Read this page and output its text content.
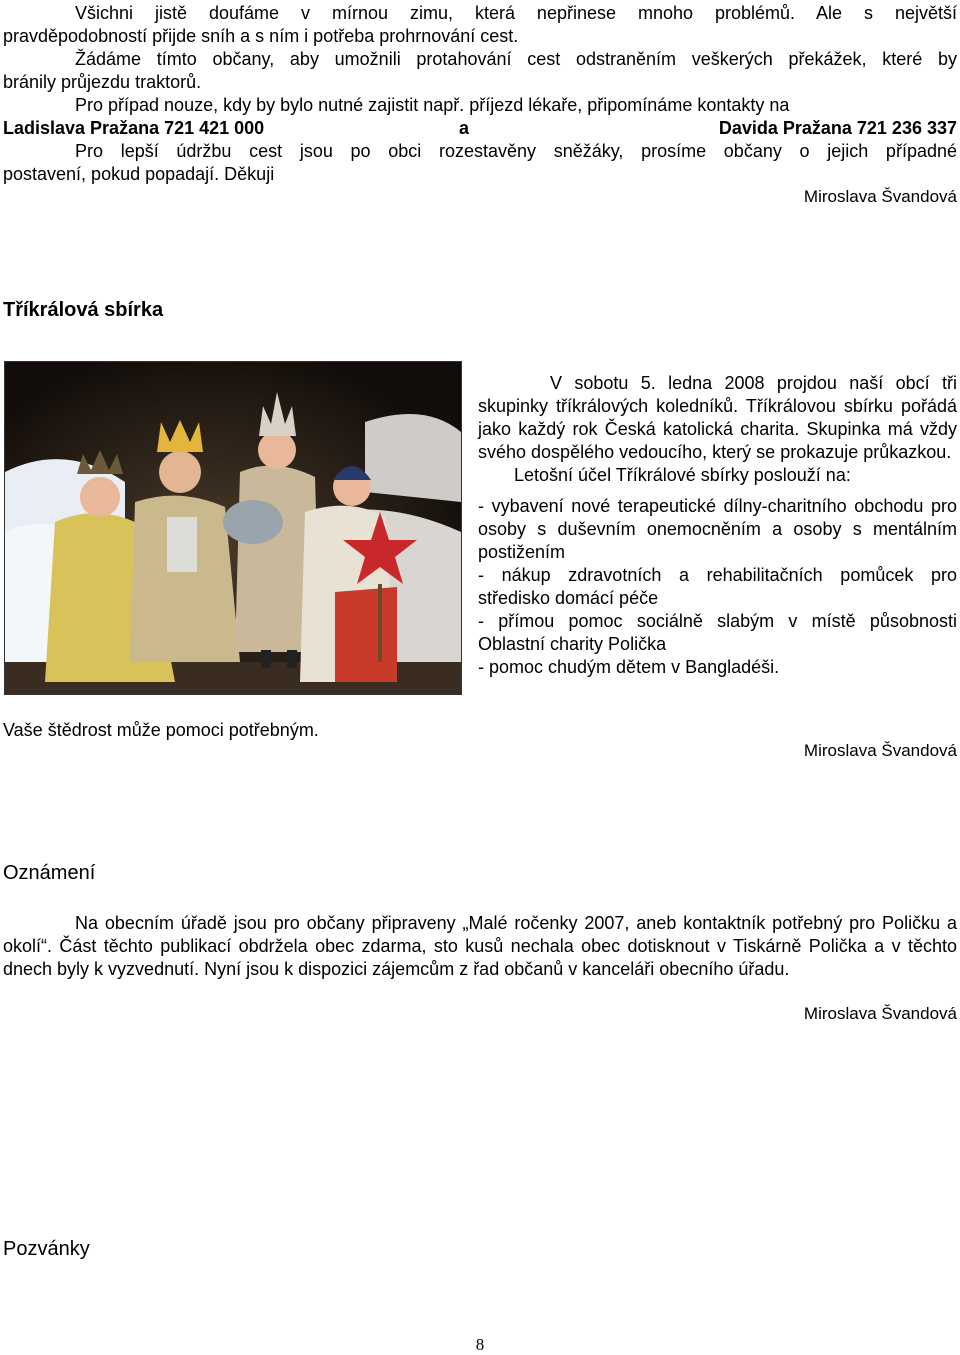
Všichni jistě doufáme v mírnou zimu, která nepřinese mnoho problémů. Ale s největší
pravděpodobností přijde sníh a s ním i potřeba prohrnování cest.
Žádáme tímto občany, aby umožnili protahování cest odstraněním veškerých překážek, které by
bránily průjezdu traktorů.
Pro případ nouze, kdy by bylo nutné zajistit např. příjezd lékaře, připomínáme kontakty na
Ladislava Pražana 721 421 000	a	Davida Pražana 721 236 337
Pro lepší údržbu cest jsou po obci rozestavěny sněžáky, prosíme občany o jejich případné
postavení, pokud popadají. Děkuji
Miroslava Švandová
Tříkrálová sbírka
V sobotu 5. ledna 2008 projdou naší obcí tři skupinky tříkrálových koledníků. Tříkrálovou sbírku pořádá jako každý rok Česká katolická charita. Skupinka má vždy svého dospělého vedoucího, který se prokazuje průkazkou.
Letošní účel Tříkrálové sbírky poslouží na:
- vybavení nové terapeutické dílny-charitního obchodu pro osoby s duševním onemocněním a osoby s mentálním postižením
- nákup zdravotních a rehabilitačních pomůcek pro středisko domácí péče
- přímou pomoc sociálně slabým v místě působnosti Oblastní charity Polička
- pomoc chudým dětem v Bangladéši.
Vaše štědrost může pomoci potřebným.
Miroslava Švandová
Oznámení
Na obecním úřadě jsou pro občany připraveny „Malé ročenky 2007, aneb kontaktník potřebný pro Poličku a okolí“. Část těchto publikací obdržela obec zdarma, sto kusů nechala obec dotisknout v Tiskárně Polička a v těchto dnech byly k vyzvednutí. Nyní jsou k dispozici zájemcům z řad občanů v kanceláři obecního úřadu.
Miroslava Švandová
Pozvánky
8
